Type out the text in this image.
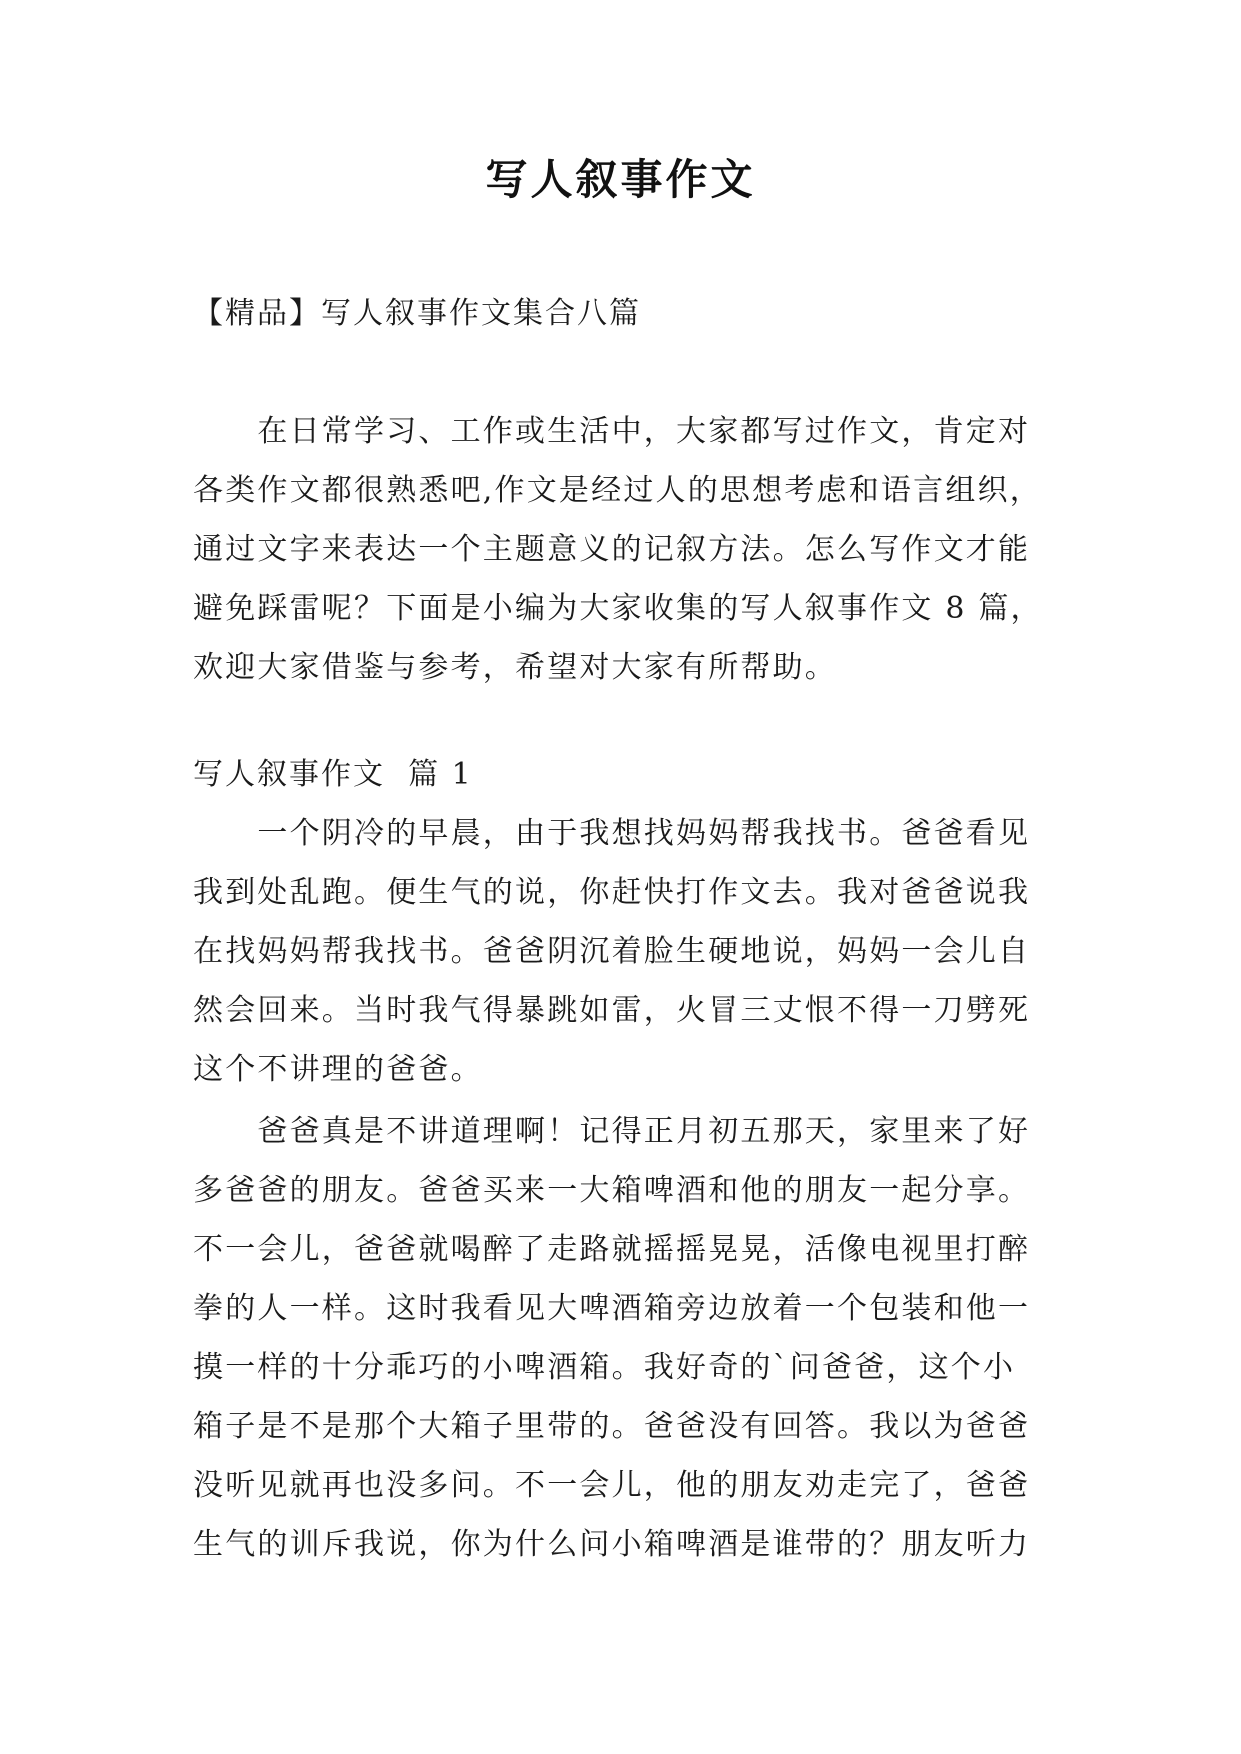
写人叙事作文
【精品】写人叙事作文集合八篇
　　在日常学习、工作或生活中，大家都写过作文，肯定对
各类作文都很熟悉吧,作文是经过人的思想考虑和语言组织，
通过文字来表达一个主题意义的记叙方法。怎么写作文才能
避免踩雷呢？下面是小编为大家收集的写人叙事作文 8 篇，
欢迎大家借鉴与参考，希望对大家有所帮助。
写人叙事作文  篇 1
　　一个阴冷的早晨，由于我想找妈妈帮我找书。爸爸看见
我到处乱跑。便生气的说，你赶快打作文去。我对爸爸说我
在找妈妈帮我找书。爸爸阴沉着脸生硬地说，妈妈一会儿自
然会回来。当时我气得暴跳如雷，火冒三丈恨不得一刀劈死
这个不讲理的爸爸。
　　爸爸真是不讲道理啊！记得正月初五那天，家里来了好
多爸爸的朋友。爸爸买来一大箱啤酒和他的朋友一起分享。
不一会儿，爸爸就喝醉了走路就摇摇晃晃，活像电视里打醉
拳的人一样。这时我看见大啤酒箱旁边放着一个包装和他一
摸一样的十分乖巧的小啤酒箱。我好奇的`问爸爸，这个小
箱子是不是那个大箱子里带的。爸爸没有回答。我以为爸爸
没听见就再也没多问。不一会儿，他的朋友劝走完了，爸爸
生气的训斥我说，你为什么问小箱啤酒是谁带的？朋友听力
